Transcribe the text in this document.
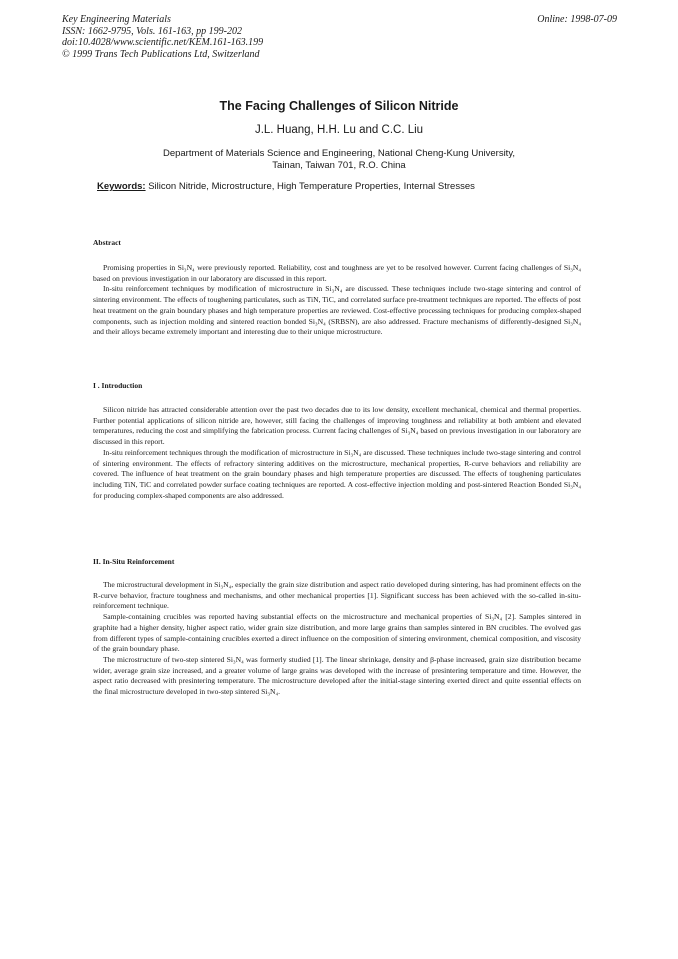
Key Engineering Materials
ISSN: 1662-9795, Vols. 161-163, pp 199-202
doi:10.4028/www.scientific.net/KEM.161-163.199
© 1999 Trans Tech Publications Ltd, Switzerland
Online: 1998-07-09
The Facing Challenges of Silicon Nitride
J.L. Huang, H.H. Lu and C.C. Liu
Department of Materials Science and Engineering, National Cheng-Kung University,
Tainan, Taiwan 701, R.O. China
Keywords: Silicon Nitride, Microstructure, High Temperature Properties, Internal Stresses
Abstract

Promising properties in Si₃N₄ were previously reported. Reliability, cost and toughness are yet to be resolved however. Current facing challenges of Si₃N₄ based on previous investigation in our laboratory are discussed in this report.

In-situ reinforcement techniques by modification of microstructure in Si₃N₄ are discussed. These techniques include two-stage sintering and control of sintering environment. The effects of toughening particulates, such as TiN, TiC, and correlated surface pre-treatment techniques are reported. The effects of post heat treatment on the grain boundary phases and high temperature properties are reviewed. Cost-effective processing techniques for producing complex-shaped components, such as injection molding and sintered reaction bonded Si₃N₄ (SRBSN), are also addressed. Fracture mechanisms of differently-designed Si₃N₄ and their alloys became extremely important and interesting due to their unique microstructure.

I . Introduction

Silicon nitride has attracted considerable attention over the past two decades due to its low density, excellent mechanical, chemical and thermal properties. Further potential applications of silicon nitride are, however, still facing the challenges of improving toughness and reliability at both ambient and elevated temperatures, reducing the cost and simplifying the fabrication process. Current facing challenges of Si₃N₄ based on previous investigation in our laboratory are discussed in this report.

In-situ reinforcement techniques through the modification of microstructure in Si₃N₄ are discussed. These techniques include two-stage sintering and control of sintering environment. The effects of refractory sintering additives on the microstructure, mechanical properties, R-curve behaviors and reliability are covered. The influence of heat treatment on the grain boundary phases and high temperature properties are discussed. The effects of toughening particulates including TiN, TiC and correlated powder surface coating techniques are reported. A cost-effective injection molding and post-sintered Reaction Bonded Si₃N₄ for producing complex-shaped components are also addressed.

II. In-Situ Reinforcement

The microstructural development in Si₃N₄, especially the grain size distribution and aspect ratio developed during sintering, has had prominent effects on the R-curve behavior, fracture toughness and mechanisms, and other mechanical properties [1]. Significant success has been achieved with the so-called in-situ-reinforcement technique.

Sample-containing crucibles was reported having substantial effects on the microstructure and mechanical properties of Si₃N₄ [2]. Samples sintered in graphite had a higher density, higher aspect ratio, wider grain size distribution, and more large grains than samples sintered in BN crucibles. The evolved gas from different types of sample-containing crucibles exerted a direct influence on the composition of sintering environment, chemical composition, and viscosity of the grain boundary phase.

The microstructure of two-step sintered Si₃N₄ was formerly studied [1]. The linear shrinkage, density and β-phase increased, grain size distribution became wider, average grain size increased, and a greater volume of large grains was developed with the increase of presintering temperature and time. However, the aspect ratio decreased with presintering temperature. The microstructure developed after the initial-stage sintering exerted direct and quite essential effects on the final microstructure developed in two-step sintered Si₃N₄.
